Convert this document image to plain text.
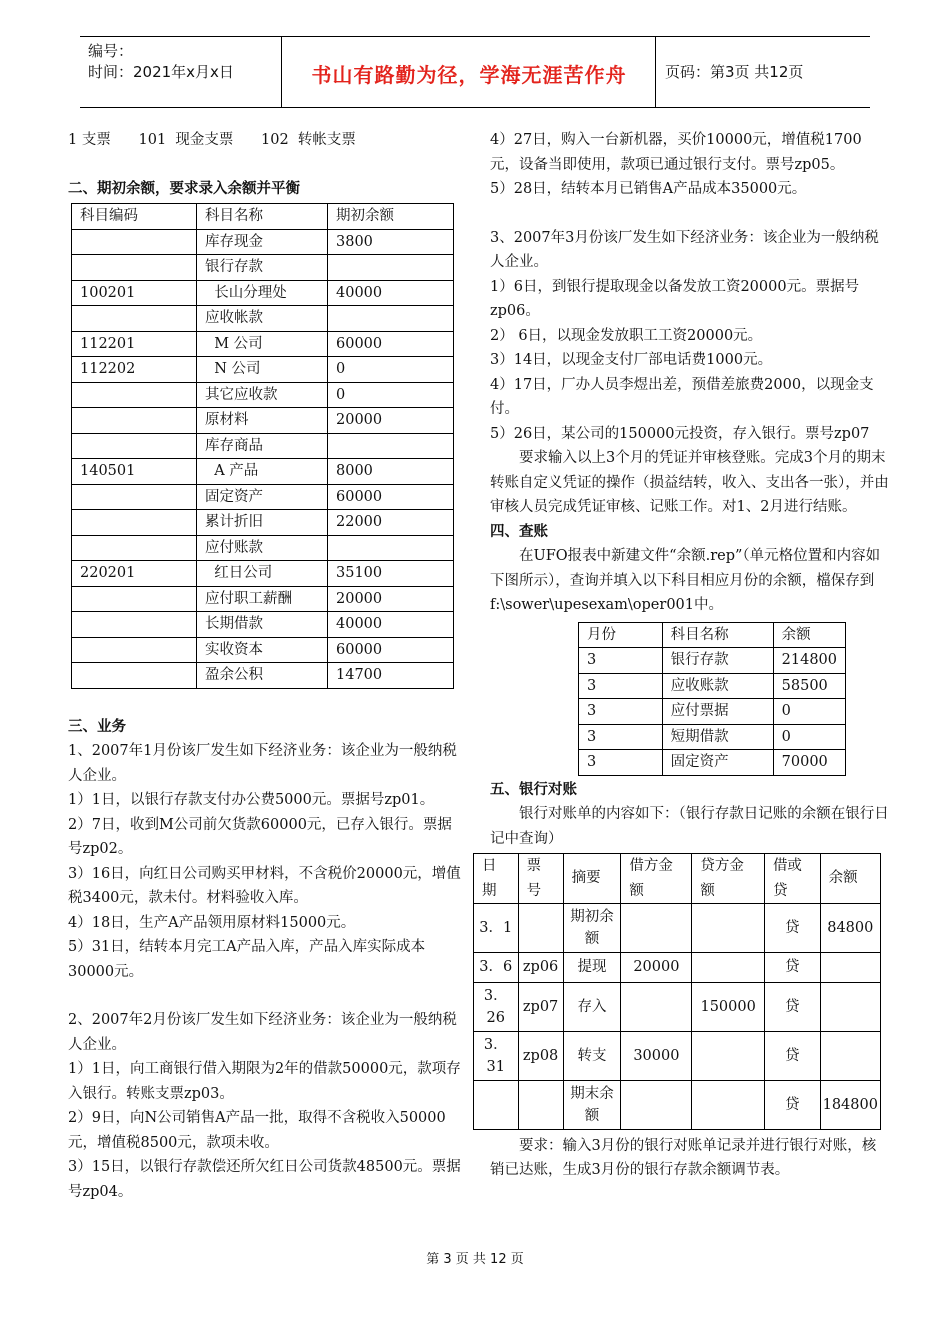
编号：
时间：2021年x月x日	书山有路勤为径，学海无涯苦作舟	页码：第3页 共12页

1 支票      101  现金支票      102  转帐支票

二、期初余额，要求录入余额并平衡

科目编码	科目名称	期初余额
	库存现金	3800
	银行存款	
100201	长山分理处	40000
	应收帐款	
112201	M 公司	60000
112202	N 公司	0
	其它应收款	0
	原材料	20000
	库存商品	
140501	A 产品	8000
	固定资产	60000
	累计折旧	22000
	应付账款	
220201	红日公司	35100
	应付职工薪酬	20000
	长期借款	40000
	实收资本	60000
	盈余公积	14700

三、业务

1、2007年1月份该厂发生如下经济业务：该企业为一般纳税人企业。

1）1日，以银行存款支付办公费5000元。票据号zp01。

2）7日，收到M公司前欠货款60000元，已存入银行。票据号zp02。

3）16日，向红日公司购买甲材料，不含税价20000元，增值税3400元，款未付。材料验收入库。

4）18日，生产A产品领用原材料15000元。

5）31日，结转本月完工A产品入库，产品入库实际成本30000元。

2、2007年2月份该厂发生如下经济业务：该企业为一般纳税人企业。

1）1日，向工商银行借入期限为2年的借款50000元，款项存入银行。转账支票zp03。

2）9日，向N公司销售A产品一批，取得不含税收入50000元，增值税8500元，款项未收。

3）15日，以银行存款偿还所欠红日公司货款48500元。票据号zp04。

4）27日，购入一台新机器，买价10000元，增值税1700元，设备当即使用，款项已通过银行支付。票号zp05。

5）28日，结转本月已销售A产品成本35000元。

3、2007年3月份该厂发生如下经济业务：该企业为一般纳税人企业。

1）6日，到银行提取现金以备发放工资20000元。票据号zp06。

2） 6日，以现金发放职工工资20000元。

3）14日，以现金支付厂部电话费1000元。

4）17日，厂办人员李煜出差，预借差旅费2000，以现金支付。

5）26日，某公司的150000元投资，存入银行。票号zp07

要求输入以上3个月的凭证并审核登账。完成3个月的期末转账自定义凭证的操作（损益结转，收入、支出各一张），并由审核人员完成凭证审核、记账工作。对1、2月进行结账。

四、查账

在UFO报表中新建文件“余额.rep”（单元格位置和内容如下图所示），查询并填入以下科目相应月份的余额，檔保存到f:\sower\upesexam\oper001中。

月份	科目名称	余额
3	银行存款	214800
3	应收账款	58500
3	应付票据	0
3	短期借款	0
3	固定资产	70000

五、银行对账

银行对账单的内容如下：（银行存款日记账的余额在银行日记中查询）

日期	票号	摘要	借方金额	贷方金额	借或贷	余额
3．1		期初余额			贷	84800
3．6	zp06	提现	20000		贷	
3．26	zp07	存入		150000	贷	
3．31	zp08	转支	30000		贷	
		期末余额			贷	184800

要求：输入3月份的银行对账单记录并进行银行对账，核销已达账，生成3月份的银行存款余额调节表。

第 3 页 共 12 页
